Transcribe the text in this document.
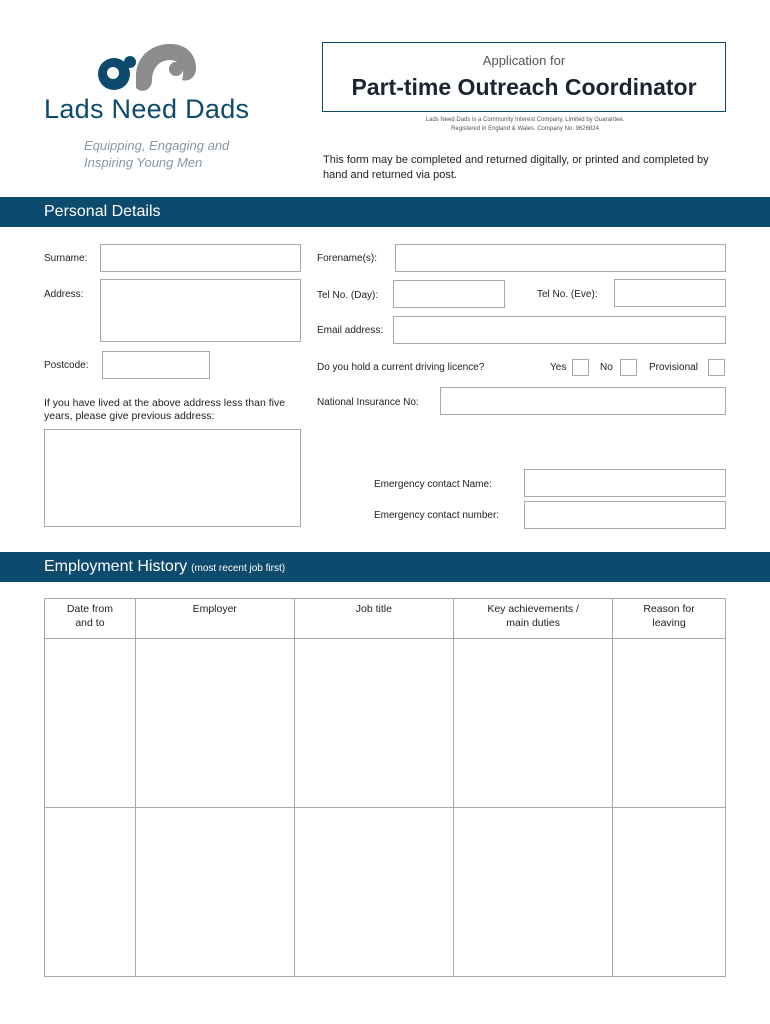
Lads Need Dads
Equipping, Engaging and
Inspiring Young Men
Application for
Part-time Outreach Coordinator
Lads Need Dads is a Community Interest Company, Limited by Guarantee.
Registered in England & Wales. Company No. 9626824
This form may be completed and returned digitally, or printed and completed by hand and returned via post.
Personal Details
Surname:	Forename(s):
Address:	Tel No. (Day):	Tel No. (Eve):
Email address:
Postcode:	Do you hold a current driving licence?	Yes	No	Provisional
If you have lived at the above address less than five years, please give previous address:
National Insurance No:
Emergency contact Name:
Emergency contact number:
Employment History (most recent job first)
Date from and to	Employer	Job title	Key achievements / main duties	Reason for leaving
